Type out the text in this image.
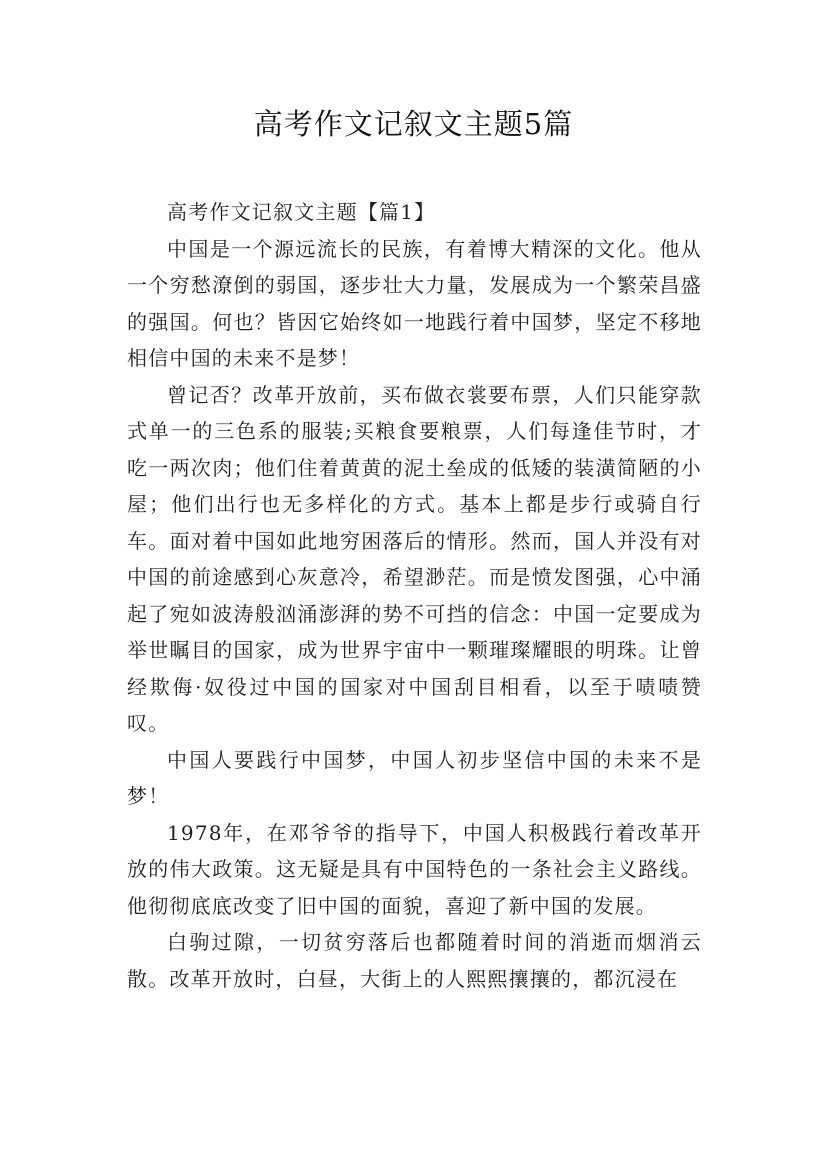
高考作文记叙文主题5篇

高考作文记叙文主题【篇1】

中国是一个源远流长的民族，有着博大精深的文化。他从一个穷愁潦倒的弱国，逐步壮大力量，发展成为一个繁荣昌盛的强国。何也？皆因它始终如一地践行着中国梦，坚定不移地相信中国的未来不是梦！

曾记否？改革开放前，买布做衣裳要布票，人们只能穿款式单一的三色系的服装;买粮食要粮票，人们每逢佳节时，才吃一两次肉；他们住着黄黄的泥土垒成的低矮的装潢简陋的小屋；他们出行也无多样化的方式。基本上都是步行或骑自行车。面对着中国如此地穷困落后的情形。然而，国人并没有对中国的前途感到心灰意冷，希望渺茫。而是愤发图强，心中涌起了宛如波涛般汹涌澎湃的势不可挡的信念：中国一定要成为举世瞩目的国家，成为世界宇宙中一颗璀璨耀眼的明珠。让曾经欺侮·奴役过中国的国家对中国刮目相看，以至于啧啧赞叹。

中国人要践行中国梦，中国人初步坚信中国的未来不是梦！

1978年，在邓爷爷的指导下，中国人积极践行着改革开放的伟大政策。这无疑是具有中国特色的一条社会主义路线。他彻彻底底改变了旧中国的面貌，喜迎了新中国的发展。

白驹过隙，一切贫穷落后也都随着时间的消逝而烟消云散。改革开放时，白昼，大街上的人熙熙攘攘的，都沉浸在
